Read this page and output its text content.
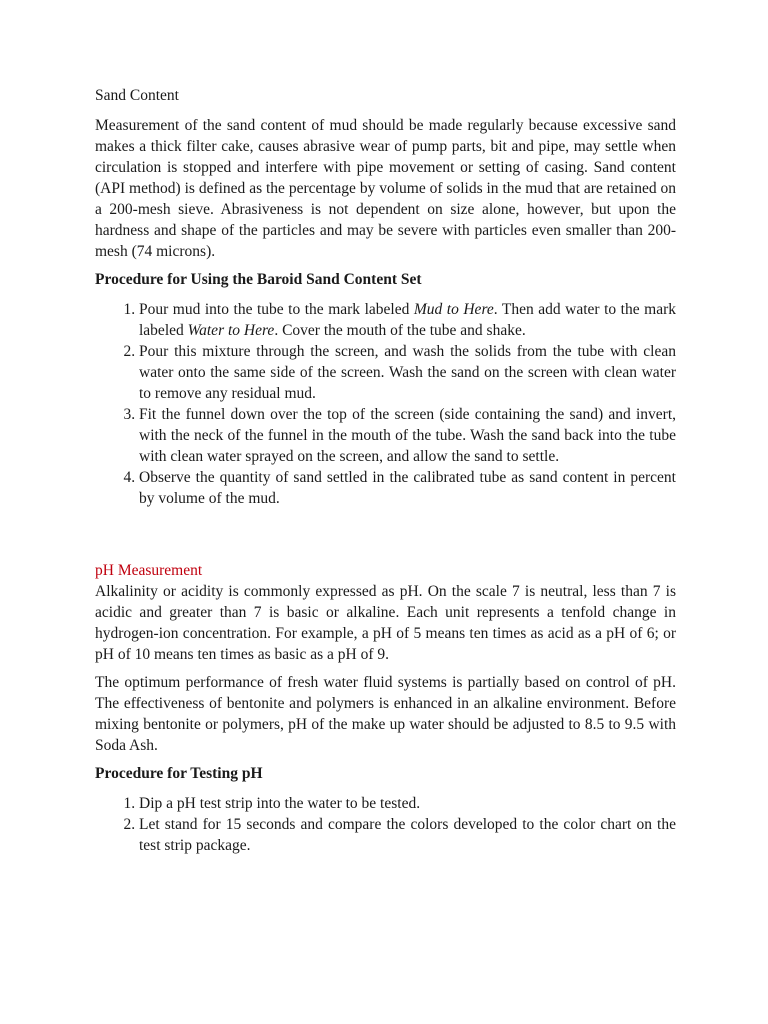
Sand Content

Measurement of the sand content of mud should be made regularly because excessive sand makes a thick filter cake, causes abrasive wear of pump parts, bit and pipe, may settle when circulation is stopped and interfere with pipe movement or setting of casing. Sand content (API method) is defined as the percentage by volume of solids in the mud that are retained on a 200-mesh sieve. Abrasiveness is not dependent on size alone, however, but upon the hardness and shape of the particles and may be severe with particles even smaller than 200-mesh (74 microns).

Procedure for Using the Baroid Sand Content Set
1. Pour mud into the tube to the mark labeled Mud to Here. Then add water to the mark labeled Water to Here. Cover the mouth of the tube and shake.
2. Pour this mixture through the screen, and wash the solids from the tube with clean water onto the same side of the screen. Wash the sand on the screen with clean water to remove any residual mud.
3. Fit the funnel down over the top of the screen (side containing the sand) and invert, with the neck of the funnel in the mouth of the tube. Wash the sand back into the tube with clean water sprayed on the screen, and allow the sand to settle.
4. Observe the quantity of sand settled in the calibrated tube as sand content in percent by volume of the mud.
pH Measurement

Alkalinity or acidity is commonly expressed as pH. On the scale 7 is neutral, less than 7 is acidic and greater than 7 is basic or alkaline. Each unit represents a tenfold change in hydrogen-ion concentration. For example, a pH of 5 means ten times as acid as a pH of 6; or pH of 10 means ten times as basic as a pH of 9.

The optimum performance of fresh water fluid systems is partially based on control of pH. The effectiveness of bentonite and polymers is enhanced in an alkaline environment. Before mixing bentonite or polymers, pH of the make up water should be adjusted to 8.5 to 9.5 with Soda Ash.

Procedure for Testing pH
1. Dip a pH test strip into the water to be tested.
2. Let stand for 15 seconds and compare the colors developed to the color chart on the test strip package.
